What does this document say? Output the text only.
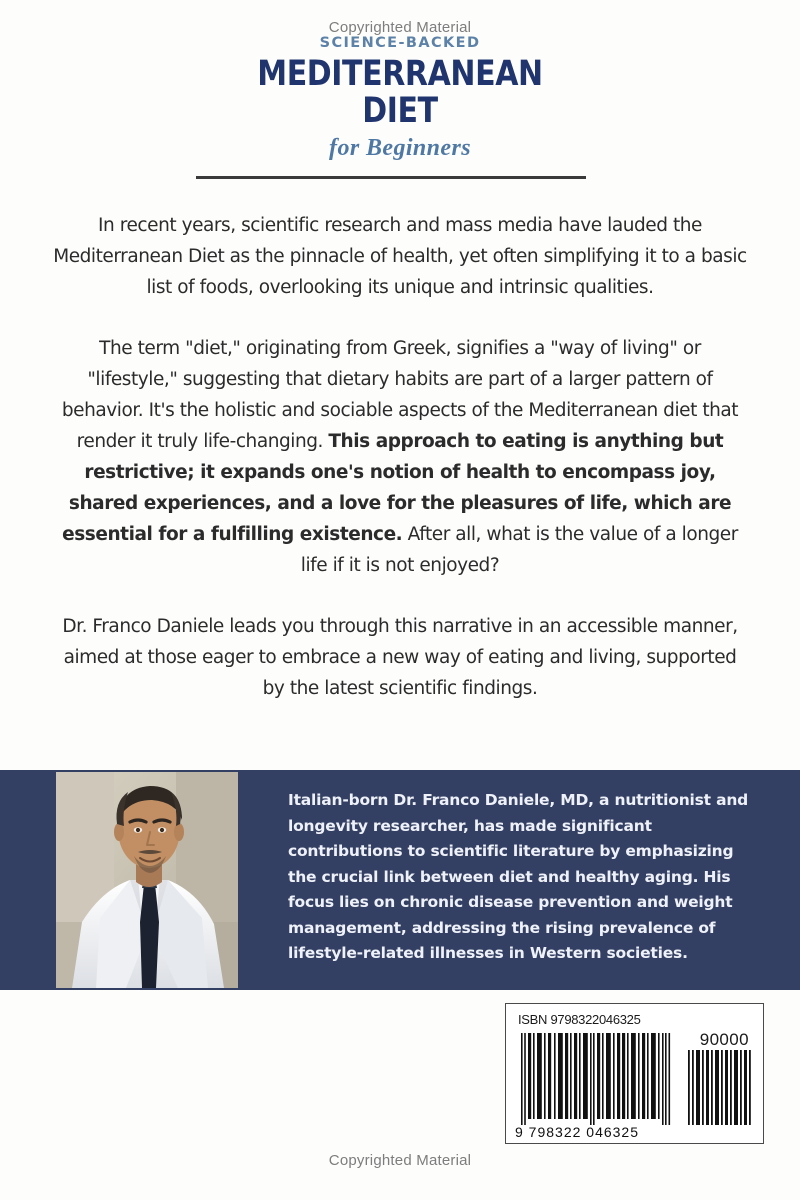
Copyrighted Material
SCIENCE-BACKED
MEDITERRANEAN
DIET
for Beginners

In recent years, scientific research and mass media have lauded the Mediterranean Diet as the pinnacle of health, yet often simplifying it to a basic list of foods, overlooking its unique and intrinsic qualities.

The term "diet," originating from Greek, signifies a "way of living" or "lifestyle," suggesting that dietary habits are part of a larger pattern of behavior. It's the holistic and sociable aspects of the Mediterranean diet that render it truly life-changing. This approach to eating is anything but restrictive; it expands one's notion of health to encompass joy, shared experiences, and a love for the pleasures of life, which are essential for a fulfilling existence. After all, what is the value of a longer life if it is not enjoyed?

Dr. Franco Daniele leads you through this narrative in an accessible manner, aimed at those eager to embrace a new way of eating and living, supported by the latest scientific findings.

Italian-born Dr. Franco Daniele, MD, a nutritionist and longevity researcher, has made significant contributions to scientific literature by emphasizing the crucial link between diet and healthy aging. His focus lies on chronic disease prevention and weight management, addressing the rising prevalence of lifestyle-related illnesses in Western societies.

ISBN 9798322046325
90000
9 798322 046325
Copyrighted Material
